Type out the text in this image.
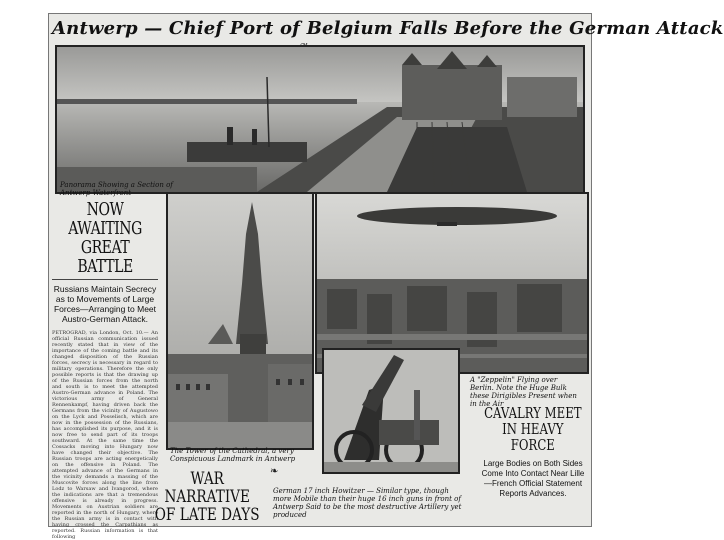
Antwerp — Chief Port of Belgium Falls Before the German Attack
Panorama Showing a Section of Antwerp Waterfront
The Tower of the Cathedral, a very Conspicuous Landmark in Antwerp
A "Zeppelin" Flying over Berlin. Note the Huge Bulk these Dirigibles Present when in the Air
German 17 inch Howitzer — Similar type, though more Mobile than their huge 16 inch guns in front of Antwerp Said to be the most destructive Artillery yet produced
NOW AWAITING
GREAT BATTLE
Russians Maintain Secrecy as to Movements of Large Forces—Arranging to Meet Austro-German Attack.
PETROGRAD, via London, Oct. 10.— An official Russian communication issued recently stated that in view of the importance of the coming battle and its changed disposition of the Russian forces, secrecy is necessary in regard to military operations. Therefore the only possible reports is that the drawing up of the Russian forces from the north and south is to meet the attempted Austro-German advance in Poland. The victorious army of General Rennenkampf, having driven back the Germans from the vicinity of Augustowo on the Lyck and Posselisch, which are now in the possession of the Russians, has accomplished its purpose, and it is now free to send part of its troops southward. At the same time the Cossacks moving into Hungary now have changed their objective. The Russian troops are acting energetically on the offensive in Poland. The attempted advance of the Germans in the vicinity demands a massing of the Muscovite forces along the line from Lodz to Warsaw and Ivangorod, where the indications are that a tremendous offensive is already in progress. Movements on Austrian soldiers are reported in the north of Hungary, where the Russian army is in contact with having crossed the Carpathians as reported. Russian information is that following
WAR NARRATIVE
OF LATE DAYS
❧
CAVALRY MEET
IN HEAVY FORCE
Large Bodies on Both Sides Come Into Contact Near Lille—French Official Statement Reports Advances.
